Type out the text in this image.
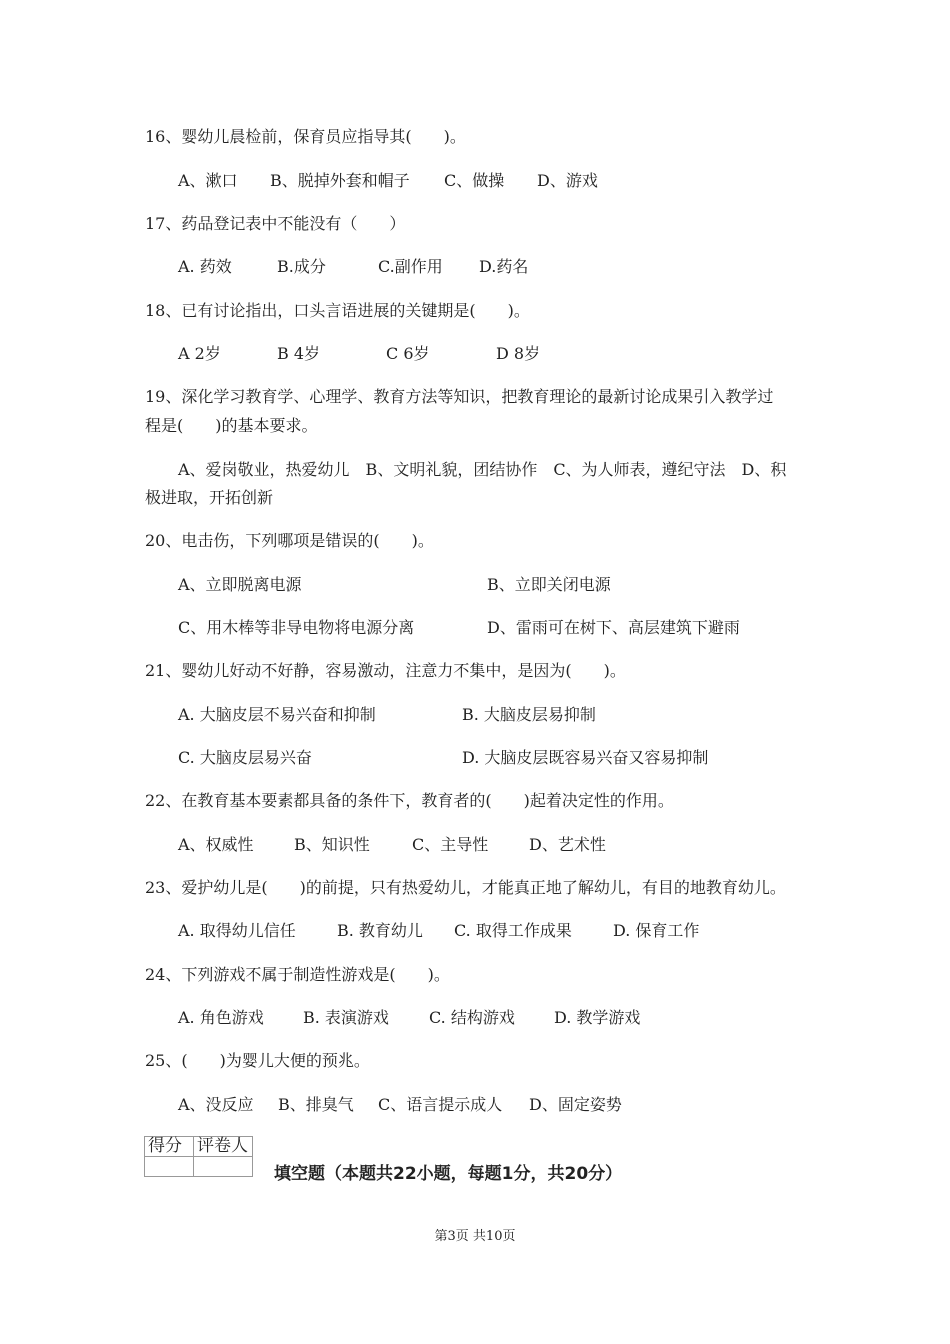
16、婴幼儿晨检前，保育员应指导其(　　)。
A、漱口 B、脱掉外套和帽子 C、做操 D、游戏
17、药品登记表中不能没有（　　）
A. 药效	B.成分	C.副作用 D.药名
18、已有讨论指出，口头言语进展的关键期是(　　)。
A 2岁	B 4岁	C 6岁	D 8岁
19、深化学习教育学、心理学、教育方法等知识，把教育理论的最新讨论成果引入教学过
程是(　　)的基本要求。
A、爱岗敬业，热爱幼儿　B、文明礼貌，团结协作　C、为人师表，遵纪守法　D、积
极进取，开拓创新
20、电击伤，下列哪项是错误的(　　)。
A、立即脱离电源	B、立即关闭电源
C、用木棒等非导电物将电源分离	D、雷雨可在树下、高层建筑下避雨
21、婴幼儿好动不好静，容易激动，注意力不集中，是因为(　　)。
A. 大脑皮层不易兴奋和抑制	B. 大脑皮层易抑制
C. 大脑皮层易兴奋	D. 大脑皮层既容易兴奋又容易抑制
22、在教育基本要素都具备的条件下，教育者的(　　)起着决定性的作用。
A、权威性	B、知识性	C、主导性	D、艺术性
23、爱护幼儿是(　　)的前提，只有热爱幼儿，才能真正地了解幼儿，有目的地教育幼儿。
A. 取得幼儿信任	B. 教育幼儿 C. 取得工作成果	D. 保育工作
24、下列游戏不属于制造性游戏是(　　)。
A. 角色游戏 B. 表演游戏	C. 结构游戏 D. 教学游戏
25、(　　)为婴儿大便的预兆。
A、没反应 B、排臭气 C、语言提示成人 D、固定姿势
得分	评卷人

填空题（本题共22小题，每题1分，共20分）
第3页 共10页
